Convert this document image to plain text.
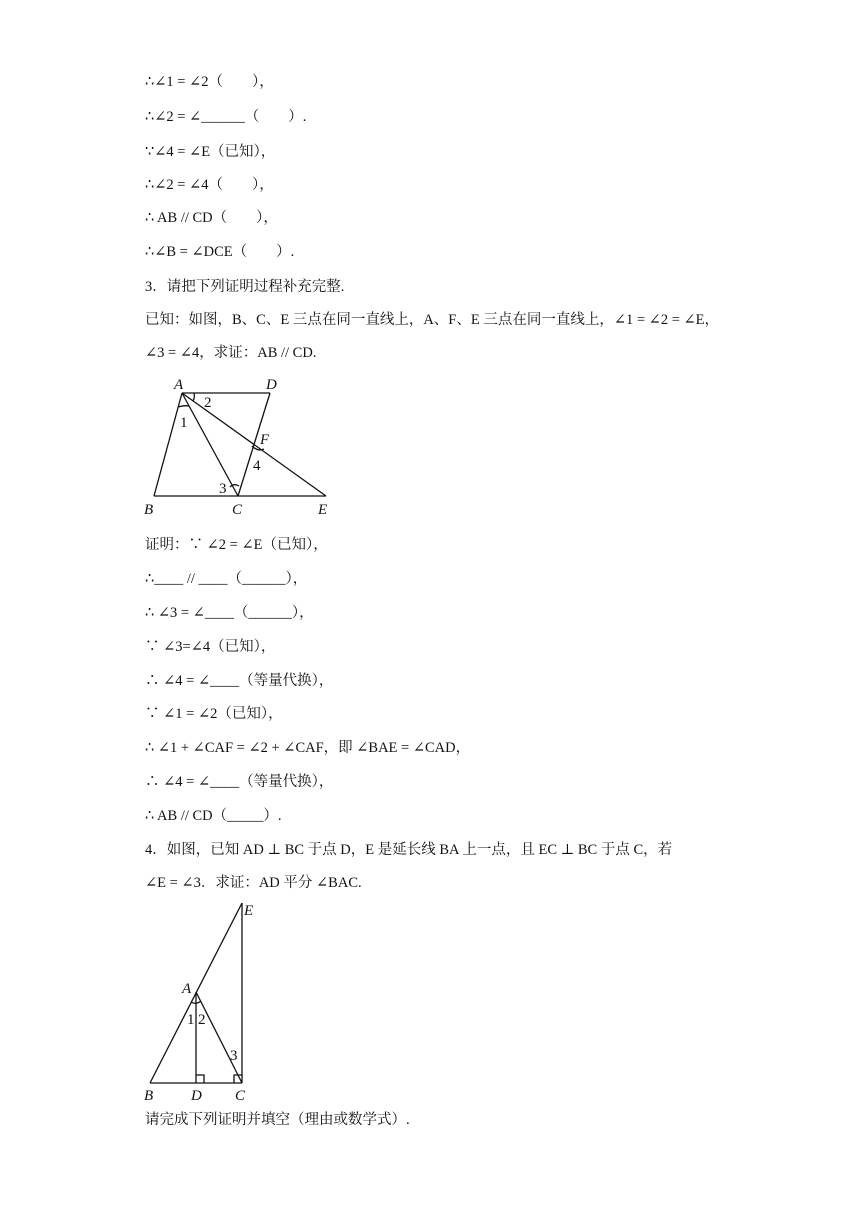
∴∠1 = ∠2（　　），
∴∠2 = ∠______（　　）.
∵∠4 = ∠E（已知），
∴∠2 = ∠4（　　），
∴ AB // CD（　　），
∴∠B = ∠DCE（　　）.
3．请把下列证明过程补充完整.
已知：如图，B、C、E 三点在同一直线上，A、F、E 三点在同一直线上，∠1 = ∠2 = ∠E，
∠3 = ∠4，求证：AB // CD.
A	D
F
B	C	E
1
2
3
4
证明：∵ ∠2 = ∠E（已知），
∴____ // ____（______），
∴ ∠3 = ∠____（______），
∵ ∠3=∠4（已知），
∴ ∠4 = ∠____（等量代换），
∵ ∠1 = ∠2（已知），
∴ ∠1 + ∠CAF = ∠2 + ∠CAF，即 ∠BAE = ∠CAD，
∴ ∠4 = ∠____（等量代换），
∴ AB // CD（_____）.
4．如图，已知 AD ⊥ BC 于点 D，E 是延长线 BA 上一点，且 EC ⊥ BC 于点 C，若
∠E = ∠3．求证：AD 平分 ∠BAC.
E
A
1 2
3
B	D C
请完成下列证明并填空（理由或数学式）.
